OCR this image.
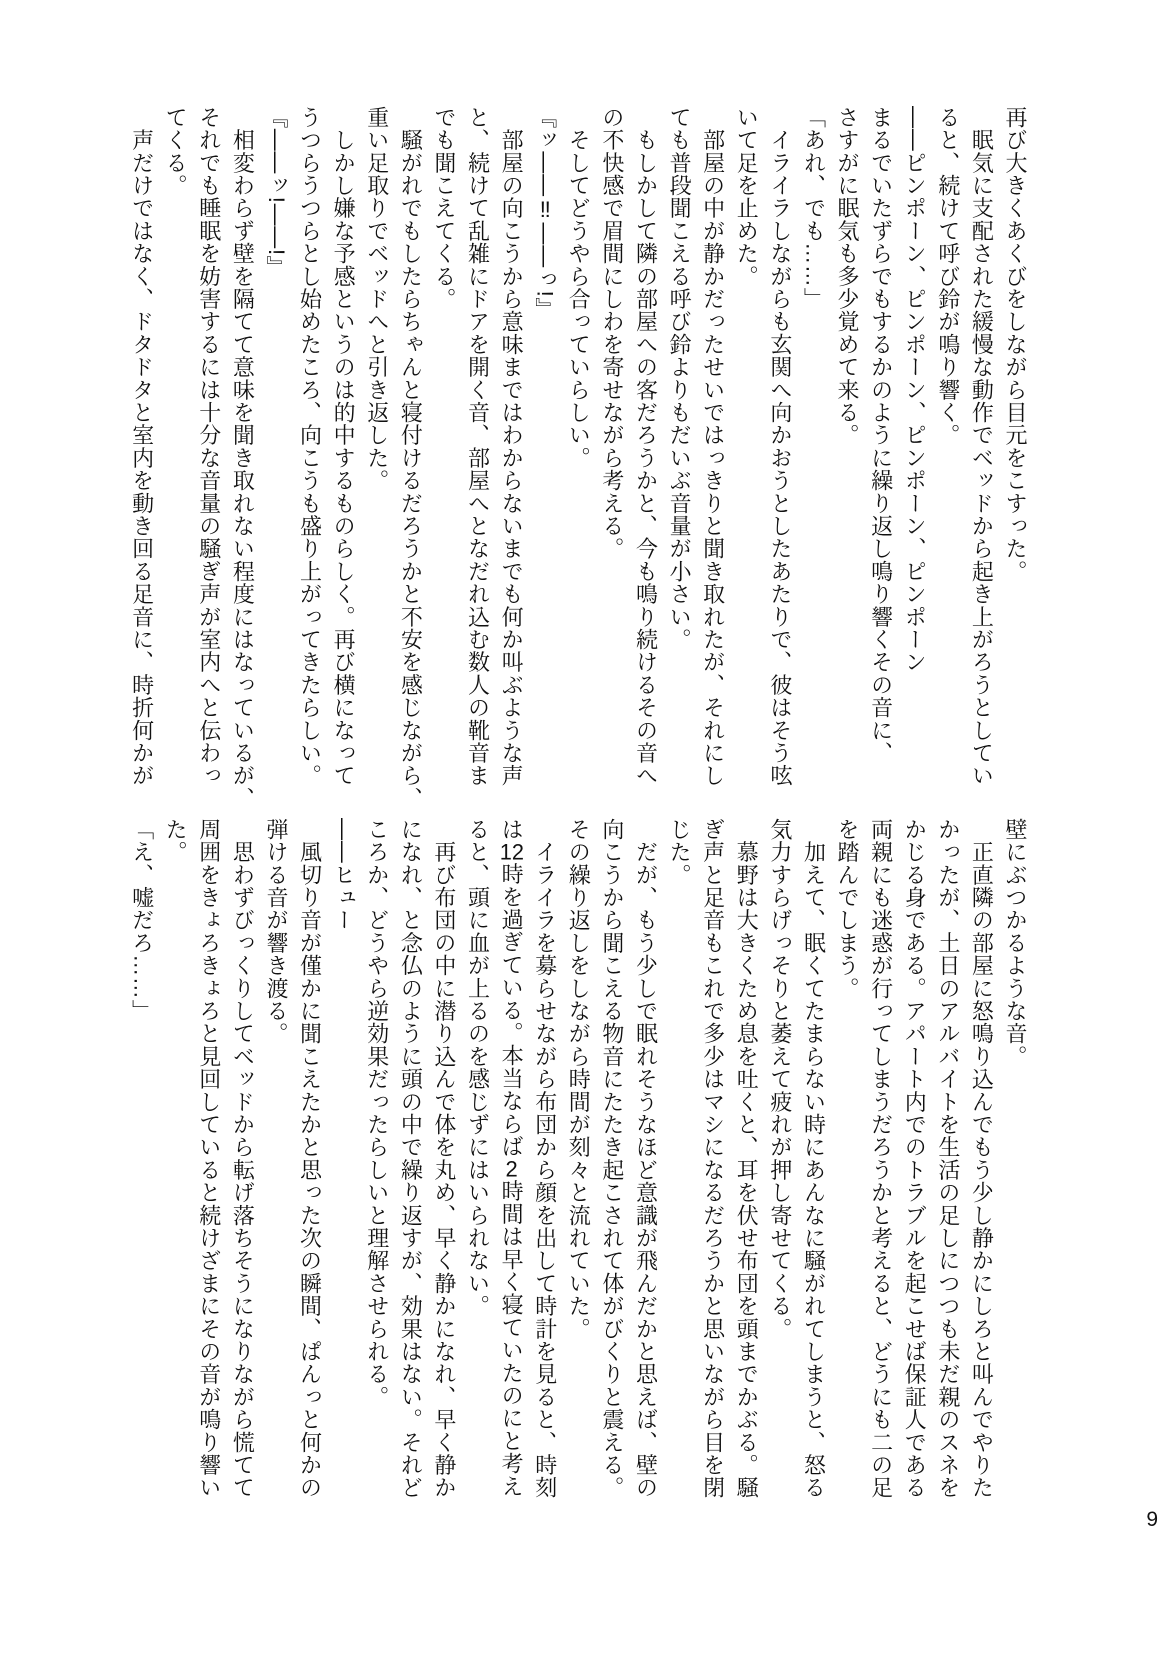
再び大きくあくびをしながら目元をこすった。

　眠気に支配された緩慢な動作でベッドから起き上がろうとしてい

ると、続けて呼び鈴が鳴り響く。

――ピンポーン、ピンポーン、ピンポーン、ピンポーン

まるでいたずらでもするかのように繰り返し鳴り響くその音に、

さすがに眠気も多少覚めて来る。

「あれ、でも……」

　イライラしながらも玄関へ向かおうとしたあたりで、彼はそう呟

いて足を止めた。

　部屋の中が静かだったせいではっきりと聞き取れたが、それにし

ても普段聞こえる呼び鈴よりもだいぶ音量が小さい。

　もしかして隣の部屋への客だろうかと、今も鳴り続けるその音へ

の不快感で眉間にしわを寄せながら考える。

　そしてどうやら合っていらしい。

『ッ――‼――っ!』

　部屋の向こうから意味まではわからないまでも何か叫ぶような声

と、続けて乱雑にドアを開く音、部屋へとなだれ込む数人の靴音ま

でも聞こえてくる。

　騒がれでもしたらちゃんと寝付けるだろうかと不安を感じながら、

重い足取りでベッドへと引き返した。

　しかし嫌な予感というのは的中するものらしく。再び横になって

うつらうつらとし始めたころ、向こうも盛り上がってきたらしい。

『――ッ!――!』

　相変わらず壁を隔てて意味を聞き取れない程度にはなっているが、

それでも睡眠を妨害するには十分な音量の騒ぎ声が室内へと伝わっ

てくる。

　声だけではなく、ドタドタと室内を動き回る足音に、時折何かが

壁にぶつかるような音。

　正直隣の部屋に怒鳴り込んでもう少し静かにしろと叫んでやりた

かったが、土日のアルバイトを生活の足しにつつも未だ親のスネを

かじる身である。アパート内でのトラブルを起こせば保証人である

両親にも迷惑が行ってしまうだろうかと考えると、どうにも二の足

を踏んでしまう。

　加えて、眠くてたまらない時にあんなに騒がれてしまうと、怒る

気力すらげっそりと萎えて疲れが押し寄せてくる。

　慕野は大きくため息を吐くと、耳を伏せ布団を頭までかぶる。騒

ぎ声と足音もこれで多少はマシになるだろうかと思いながら目を閉

じた。

　だが、もう少しで眠れそうなほど意識が飛んだかと思えば、壁の

向こうから聞こえる物音にたたき起こされて体がびくりと震える。

その繰り返しをしながら時間が刻々と流れていた。

　イライラを募らせながら布団から顔を出して時計を見ると、時刻

は12時を過ぎている。本当ならば2時間は早く寝ていたのにと考え

ると、頭に血が上るのを感じずにはいられない。

　再び布団の中に潜り込んで体を丸め、早く静かになれ、早く静か

になれ、と念仏のように頭の中で繰り返すが、効果はない。それど

ころか、どうやら逆効果だったらしいと理解させられる。

――ヒュー

　風切り音が僅かに聞こえたかと思った次の瞬間、ぱんっと何かの

弾ける音が響き渡る。

　思わずびっくりしてベッドから転げ落ちそうになりながら慌てて

周囲をきょろきょろと見回していると続けざまにその音が鳴り響い

た。

「え、嘘だろ……」

9
